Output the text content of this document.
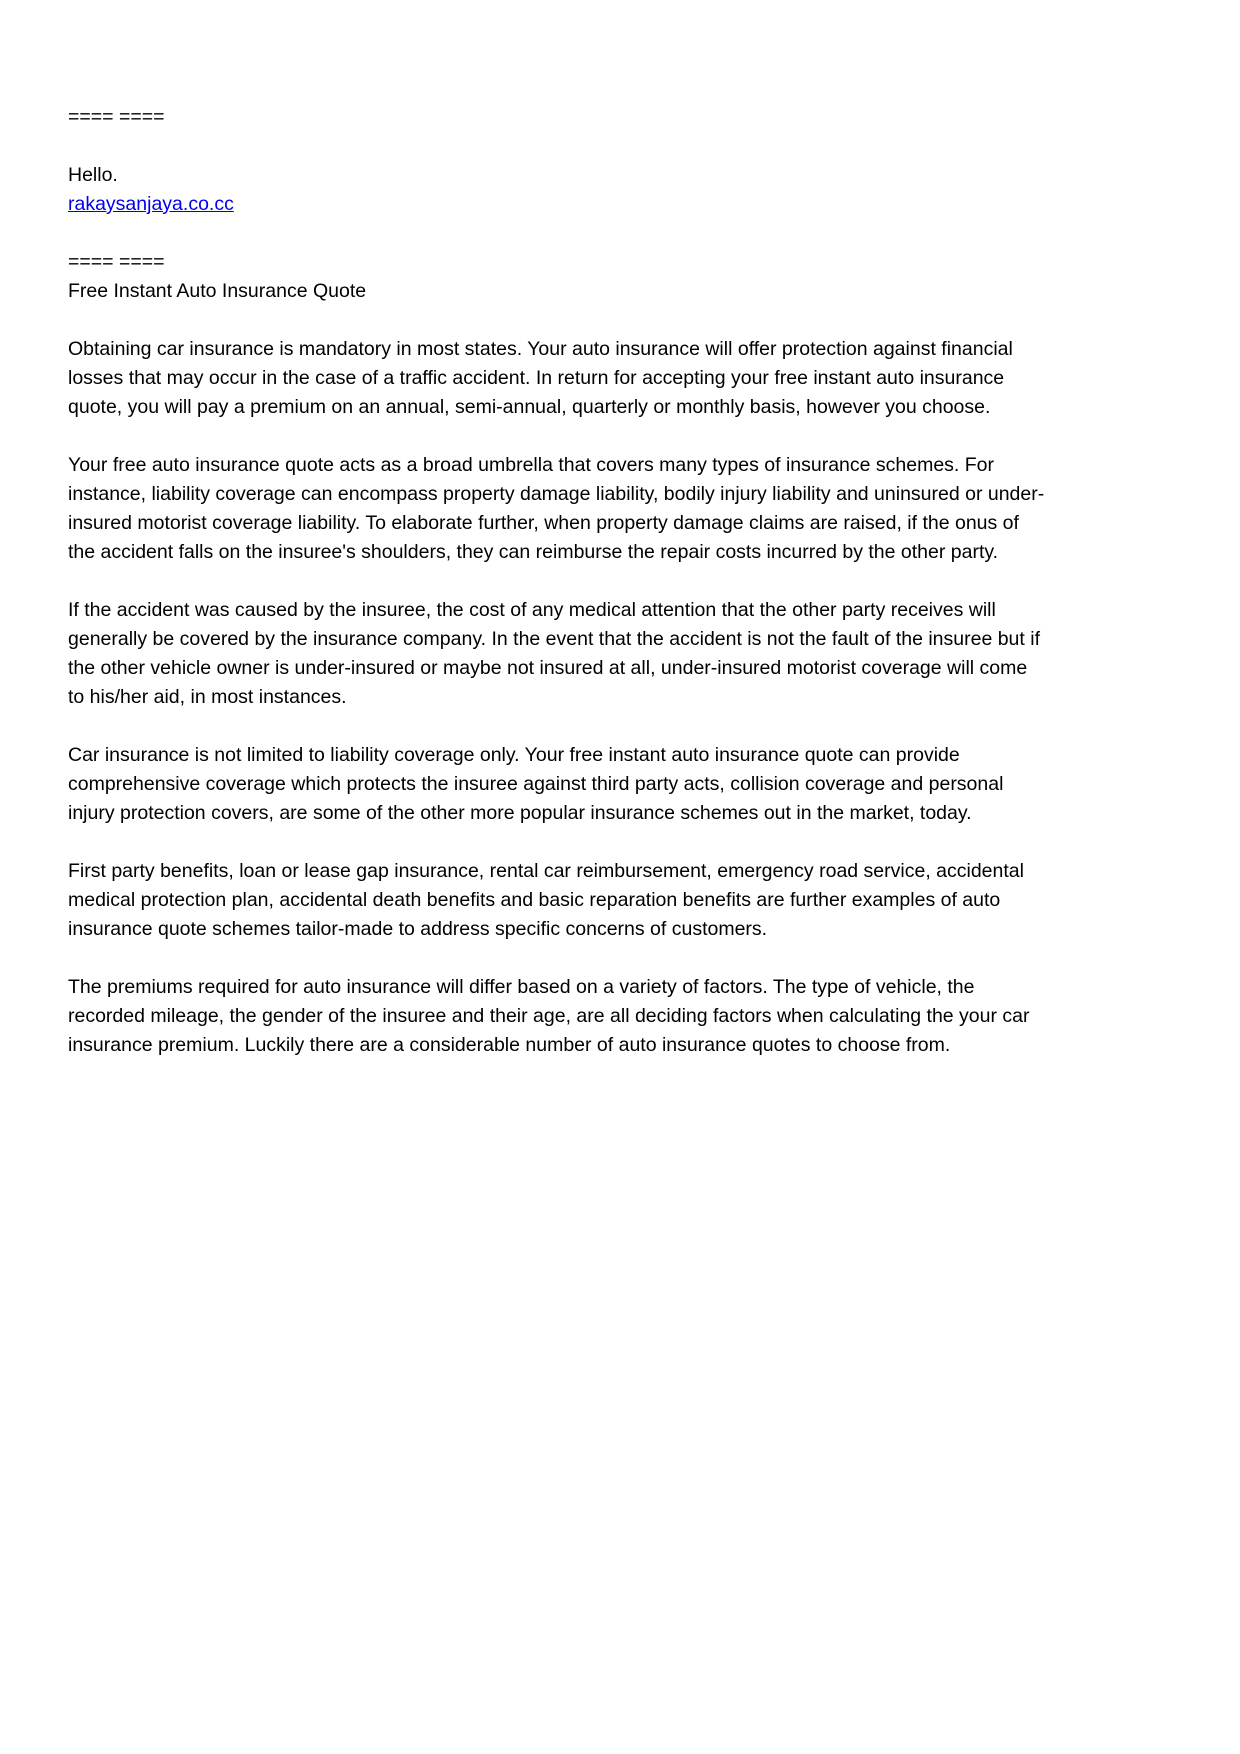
==== ====

Hello.
rakaysanjaya.co.cc

==== ====
Free Instant Auto Insurance Quote

Obtaining car insurance is mandatory in most states. Your auto insurance will offer protection against financial losses that may occur in the case of a traffic accident. In return for accepting your free instant auto insurance quote, you will pay a premium on an annual, semi-annual, quarterly or monthly basis, however you choose.

Your free auto insurance quote acts as a broad umbrella that covers many types of insurance schemes. For instance, liability coverage can encompass property damage liability, bodily injury liability and uninsured or under-insured motorist coverage liability. To elaborate further, when property damage claims are raised, if the onus of the accident falls on the insuree's shoulders, they can reimburse the repair costs incurred by the other party.

If the accident was caused by the insuree, the cost of any medical attention that the other party receives will generally be covered by the insurance company. In the event that the accident is not the fault of the insuree but if the other vehicle owner is under-insured or maybe not insured at all, under-insured motorist coverage will come to his/her aid, in most instances.

Car insurance is not limited to liability coverage only. Your free instant auto insurance quote can provide comprehensive coverage which protects the insuree against third party acts, collision coverage and personal injury protection covers, are some of the other more popular insurance schemes out in the market, today.

First party benefits, loan or lease gap insurance, rental car reimbursement, emergency road service, accidental medical protection plan, accidental death benefits and basic reparation benefits are further examples of auto insurance quote schemes tailor-made to address specific concerns of customers.

The premiums required for auto insurance will differ based on a variety of factors. The type of vehicle, the recorded mileage, the gender of the insuree and their age, are all deciding factors when calculating the your car insurance premium. Luckily there are a considerable number of auto insurance quotes to choose from.
